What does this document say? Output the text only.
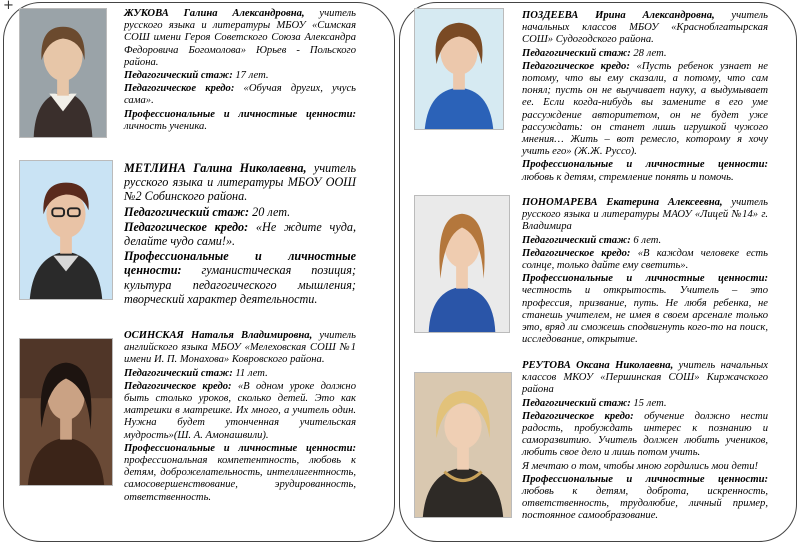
+

ЖУКОВА Галина Александровна, учитель русского языка и литературы МБОУ «Симская СОШ имени Героя Советского Союза Александра Федоровича Богомолова» Юрьев - Польского района.

Педагогический стаж: 17 лет.

Педагогическое кредо: «Обучая других, учусь сама».

Профессиональные и личностные ценности: личность ученика.

МЕТЛИНА Галина Николаевна, учитель русского языка и литературы МБОУ ООШ №2 Собинского района.

Педагогический стаж: 20 лет.

Педагогическое кредо: «Не ждите чуда, делайте чудо сами!».

Профессиональные и личностные ценности: гуманистическая позиция; культура педагогического мышления; творческий характер деятельности.

ОСИНСКАЯ Наталья Владимировна, учитель английского языка МБОУ «Мелеховская СОШ №1 имени И. П. Монахова» Ковровского района.

Педагогический стаж: 11 лет.

Педагогическое кредо: «В одном уроке должно быть столько уроков, сколько детей. Это как матрешки в матрешке. Их много, а учитель один. Нужна будет утонченная учительская мудрость»(Ш. А. Амонашвили).

Профессиональные и личностные ценности: профессиональная компетентность, любовь к детям, доброжелательность, интеллигентность, самосовершенствование, эрудированность, ответственность.

ПОЗДЕЕВА Ирина Александровна, учитель начальных классов МБОУ «Красноблгатырская СОШ» Судогодского района.

Педагогический стаж: 28 лет.

Педагогическое кредо: «Пусть ребенок узнает не потому, что вы ему сказали, а потому, что сам понял; пусть он не выучивает науку, а выдумывает ее. Если когда-нибудь вы замените в его уме рассуждение авторитетом, он не будет уже рассуждать: он станет лишь игрушкой чужого мнения… Жить – вот ремесло, которому я хочу учить его» (Ж.Ж. Руссо).

Профессиональные и личностные ценности: любовь к детям, стремление понять и помочь.

ПОНОМАРЕВА Екатерина Алексеевна, учитель русского языка и литературы МАОУ «Лицей №14» г. Владимира

Педагогический стаж: 6 лет.

Педагогическое кредо: «В каждом человеке есть солнце, только дайте ему светить».

Профессиональные и личностные ценности: честность и открытость. Учитель – это профессия, призвание, путь. Не любя ребенка, не станешь учителем, не имея в своем арсенале только это, вряд ли сможешь сподвигнуть кого-то на поиск, исследование, открытие.

РЕУТОВА Оксана Николаевна, учитель начальных классов МКОУ «Першинская СОШ» Киржачского района

Педагогический стаж: 15 лет.

Педагогическое кредо: обучение должно нести радость, пробуждать интерес к познанию и саморазвитию. Учитель должен любить учеников, любить свое дело и лишь потом учить.

Я мечтаю о том, чтобы мною гордились мои дети!

Профессиональные и личностные ценности: любовь к детям, доброта, искренность, ответственность, трудолюбие, личный пример, постоянное самообразование.
